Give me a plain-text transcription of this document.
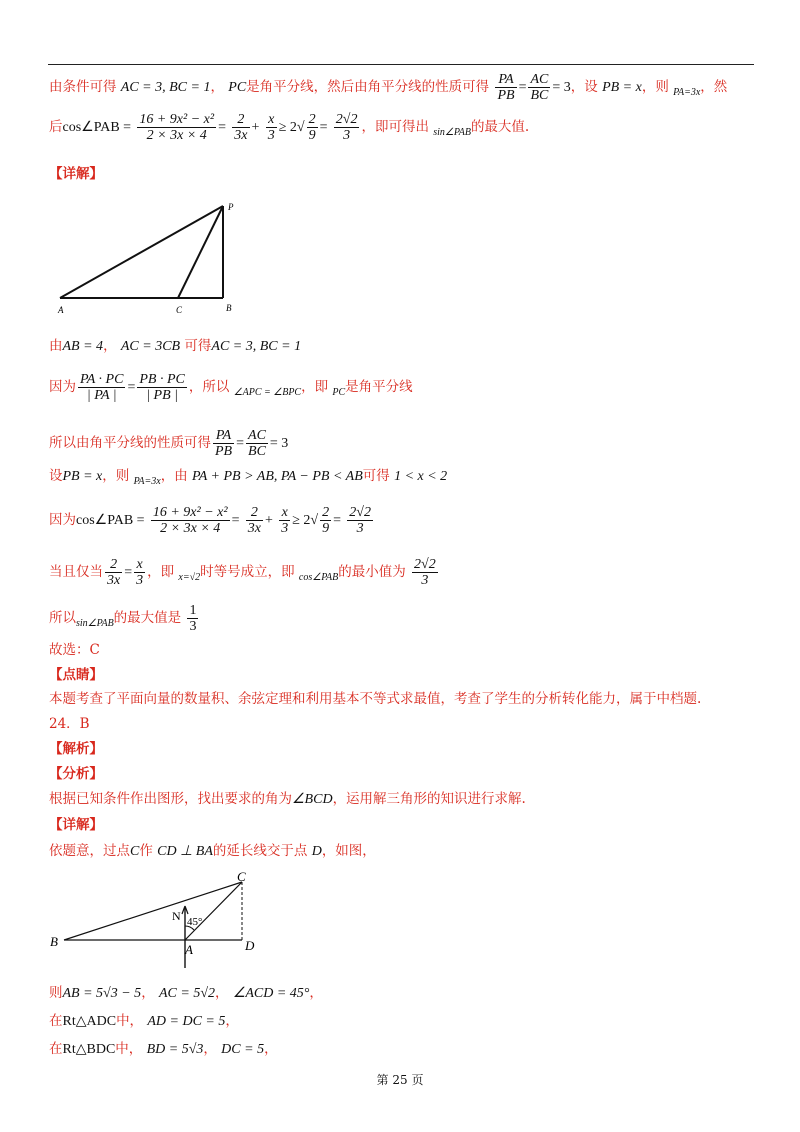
由条件可得 AC = 3, BC = 1， PC是角平分线，然后由角平分线的性质可得 $\frac{PA}{PB} = \frac{AC}{BC} = 3$，设 PB = x，则 $_{PA=3x}$，然
后cos∠PAB = $\frac{\text{16 + 9x² − x²}}{2 \times 3x \times 4} = \frac{2}{3x} + \frac{x}{3} \ge 2√ \frac{2}{9} = \frac{2√2}{3}$ ，即可得出 $_{sin\angle PAB}$的最大值.
【详解】
A	C	B
P
由AB = 4， AC = 3CB 可得AC = 3, BC = 1
因为 $\frac{PA \cdot PC}{| PA |} = \frac{PB \cdot PC}{| PB |}$ ，所以 $_{\angle APC = \angle BPC}$，即 $_{PC}$是角平分线
所以由角平分线的性质可得 $\frac{PA}{PB} = \frac{AC}{BC} = 3$
设PB = x，则 $_{PA=3x}$，由 PA + PB > AB, PA − PB < AB可得 1 < x < 2
因为cos∠PAB = $\frac{\text{16 + 9x² − x²}}{2 \times 3x \times 4} = \frac{2}{3x} + \frac{x}{3} \ge 2√ \frac{2}{9} = \frac{2√2}{3}$
当且仅当 $\frac{2}{3x} = \frac{x}{3}$ ，即 $_{x=√2}$时等号成立，即 $_{cos\angle PAB}$的最小值为 $\frac{2√2}{3}$
所以$_{sin\angle PAB}$的最大值是 $\frac{1}{3}$
故选：C
【点睛】
本题考查了平面向量的数量积、余弦定理和利用基本不等式求最值，考查了学生的分析转化能力，属于中档题.
24．B
【解析】
【分析】
根据已知条件作出图形，找出要求的角为∠BCD，运用解三角形的知识进行求解.
【详解】
依题意，过点C作 CD ⊥ BA的延长线交于点 D，如图，
B
A
C
D
N 45°
则AB = 5√3 − 5， AC = 5√2， ∠ACD = 45°，
在Rt△ADC中， AD = DC = 5，
在Rt△BDC中， BD = 5√3， DC = 5，
第 25 页
